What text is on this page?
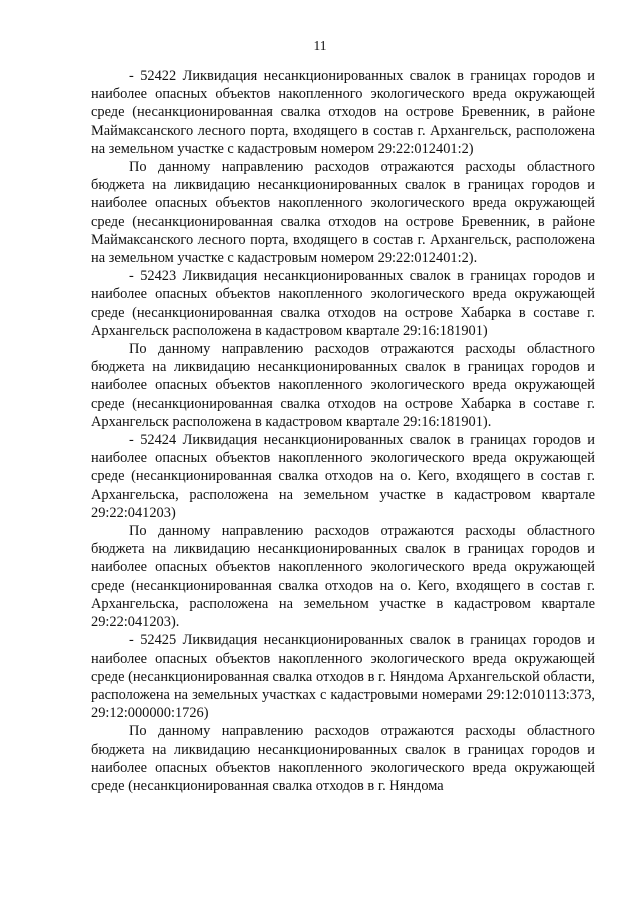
11

- 52422 Ликвидация несанкционированных свалок в границах городов и наиболее опасных объектов накопленного экологического вреда окружающей среде (несанкционированная свалка отходов на острове Бревенник, в районе Маймаксанского лесного порта, входящего в состав г. Архангельск, расположена на земельном участке с кадастровым номером 29:22:012401:2)

По данному направлению расходов отражаются расходы областного бюджета на ликвидацию несанкционированных свалок в границах городов и наиболее опасных объектов накопленного экологического вреда окружающей среде (несанкционированная свалка отходов на острове Бревенник, в районе Маймаксанского лесного порта, входящего в состав г. Архангельск, расположена на земельном участке с кадастровым номером 29:22:012401:2).

- 52423 Ликвидация несанкционированных свалок в границах городов и наиболее опасных объектов накопленного экологического вреда окружающей среде (несанкционированная свалка отходов на острове Хабарка в составе г. Архангельск расположена в кадастровом квартале 29:16:181901)

По данному направлению расходов отражаются расходы областного бюджета на ликвидацию несанкционированных свалок в границах городов и наиболее опасных объектов накопленного экологического вреда окружающей среде (несанкционированная свалка отходов на острове Хабарка в составе г. Архангельск расположена в кадастровом квартале 29:16:181901).

- 52424 Ликвидация несанкционированных свалок в границах городов и наиболее опасных объектов накопленного экологического вреда окружающей среде (несанкционированная свалка отходов на о. Кего, входящего в состав г. Архангельска, расположена на земельном участке в кадастровом квартале 29:22:041203)

По данному направлению расходов отражаются расходы областного бюджета на ликвидацию несанкционированных свалок в границах городов и наиболее опасных объектов накопленного экологического вреда окружающей среде (несанкционированная свалка отходов на о. Кего, входящего в состав г. Архангельска, расположена на земельном участке в кадастровом квартале 29:22:041203).

- 52425 Ликвидация несанкционированных свалок в границах городов и наиболее опасных объектов накопленного экологического вреда окружающей среде (несанкционированная свалка отходов в г. Няндома Архангельской области, расположена на земельных участках с кадастровыми номерами 29:12:010113:373, 29:12:000000:1726)

По данному направлению расходов отражаются расходы областного бюджета на ликвидацию несанкционированных свалок в границах городов и наиболее опасных объектов накопленного экологического вреда окружающей среде (несанкционированная свалка отходов в г. Няндома
